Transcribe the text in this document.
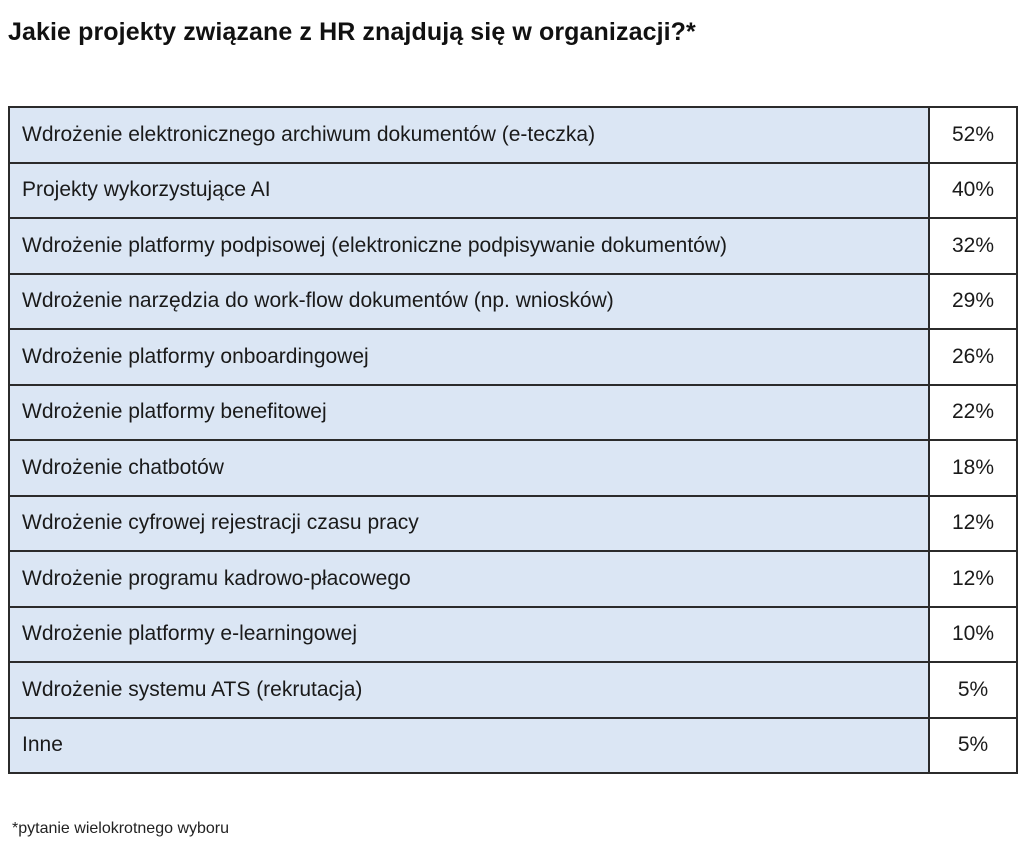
Jakie projekty związane z HR znajdują się w organizacji?*
Wdrożenie elektronicznego archiwum dokumentów (e-teczka)	52%
Projekty wykorzystujące AI	40%
Wdrożenie platformy podpisowej (elektroniczne podpisywanie dokumentów)	32%
Wdrożenie narzędzia do work-flow dokumentów (np. wniosków)	29%
Wdrożenie platformy onboardingowej	26%
Wdrożenie platformy benefitowej	22%
Wdrożenie chatbotów	18%
Wdrożenie cyfrowej rejestracji czasu pracy	12%
Wdrożenie programu kadrowo-płacowego	12%
Wdrożenie platformy e-learningowej	10%
Wdrożenie systemu ATS (rekrutacja)	5%
Inne	5%
*pytanie wielokrotnego wyboru
